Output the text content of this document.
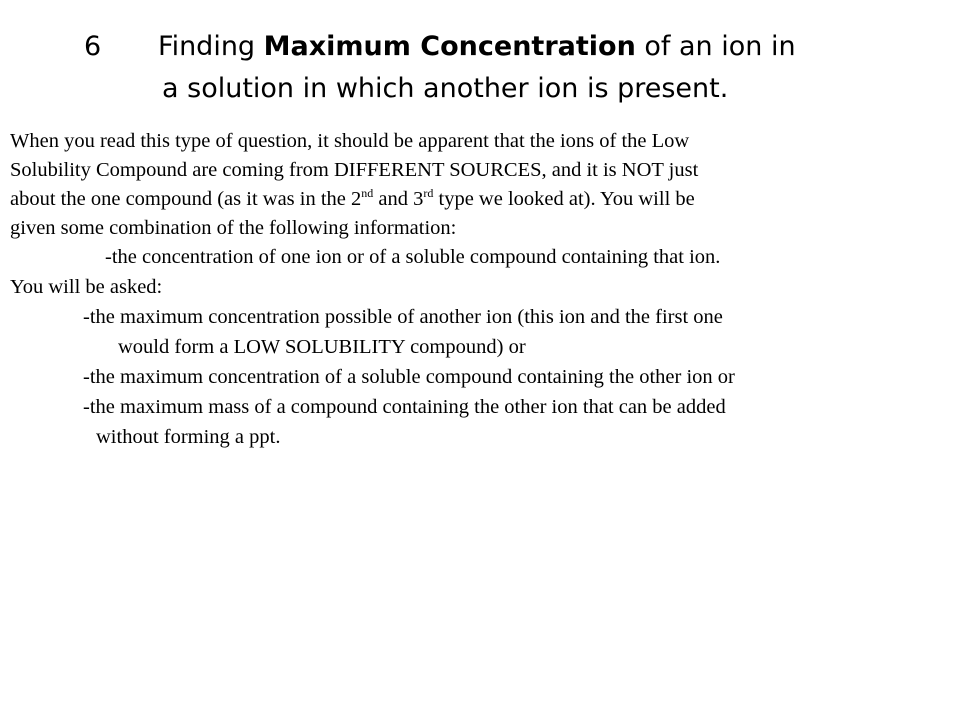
6 Finding Maximum Concentration of an ion in
a solution in which another ion is present.
When you read this type of question, it should be apparent that the ions of the Low
Solubility Compound are coming from DIFFERENT SOURCES, and it is NOT just
about the one compound (as it was in the 2nd and 3rd type we looked at). You will be
given some combination of the following information:
-the concentration of one ion or of a soluble compound containing that ion.
You will be asked:
-the maximum concentration possible of another ion (this ion and the first one
would form a LOW SOLUBILITY compound) or
-the maximum concentration of a soluble compound containing the other ion or
-the maximum mass of a compound containing the other ion that can be added
without forming a ppt.
